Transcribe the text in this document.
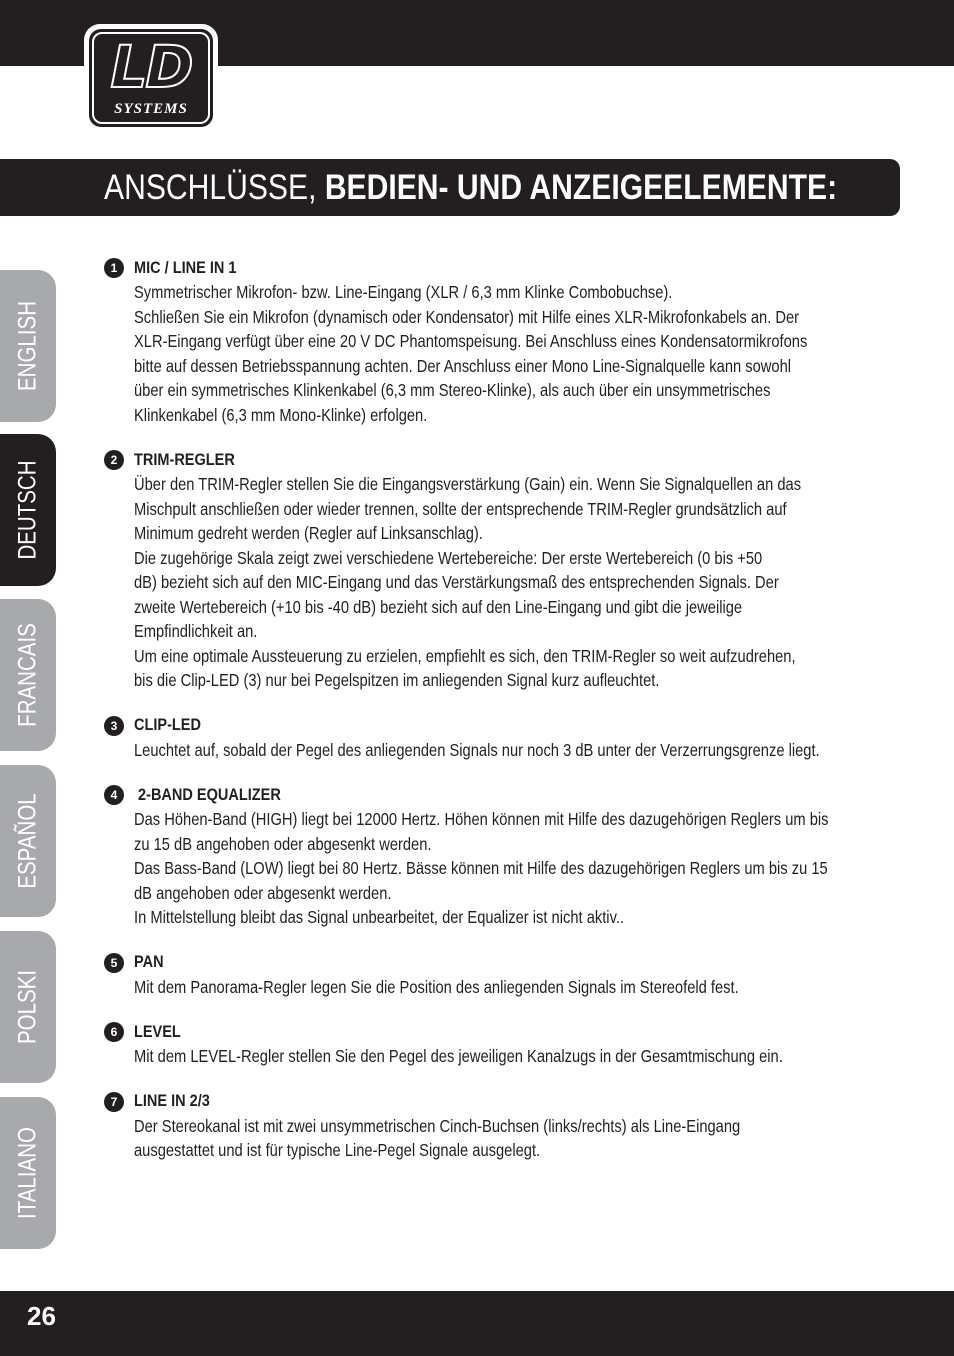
LD
SYSTEMS
ANSCHLÜSSE, BEDIEN- UND ANZEIGEELEMENTE:
ENGLISH
DEUTSCH
FRANCAIS
ESPAÑOL
POLSKI
ITALIANO
1	MIC / LINE IN 1
Symmetrischer Mikrofon- bzw. Line-Eingang (XLR / 6,3 mm Klinke Combobuchse).
Schließen Sie ein Mikrofon (dynamisch oder Kondensator) mit Hilfe eines XLR-Mikrofonkabels an. Der
XLR-Eingang verfügt über eine 20 V DC Phantomspeisung. Bei Anschluss eines Kondensatormikrofons
bitte auf dessen Betriebsspannung achten. Der Anschluss einer Mono Line-Signalquelle kann sowohl
über ein symmetrisches Klinkenkabel (6,3 mm Stereo-Klinke), als auch über ein unsymmetrisches
Klinkenkabel (6,3 mm Mono-Klinke) erfolgen.
2	TRIM-REGLER
Über den TRIM-Regler stellen Sie die Eingangsverstärkung (Gain) ein. Wenn Sie Signalquellen an das
Mischpult anschließen oder wieder trennen, sollte der entsprechende TRIM-Regler grundsätzlich auf
Minimum gedreht werden (Regler auf Linksanschlag).
Die zugehörige Skala zeigt zwei verschiedene Wertebereiche: Der erste Wertebereich (0 bis +50
dB) bezieht sich auf den MIC-Eingang und das Verstärkungsmaß des entsprechenden Signals. Der
zweite Wertebereich (+10 bis -40 dB) bezieht sich auf den Line-Eingang und gibt die jeweilige
Empfindlichkeit an.
Um eine optimale Aussteuerung zu erzielen, empfiehlt es sich, den TRIM-Regler so weit aufzudrehen,
bis die Clip-LED (3) nur bei Pegelspitzen im anliegenden Signal kurz aufleuchtet.
3	CLIP-LED
Leuchtet auf, sobald der Pegel des anliegenden Signals nur noch 3 dB unter der Verzerrungsgrenze liegt.
4	2-BAND EQUALIZER
Das Höhen-Band (HIGH) liegt bei 12000 Hertz. Höhen können mit Hilfe des dazugehörigen Reglers um bis
zu 15 dB angehoben oder abgesenkt werden.
Das Bass-Band (LOW) liegt bei 80 Hertz. Bässe können mit Hilfe des dazugehörigen Reglers um bis zu 15
dB angehoben oder abgesenkt werden.
In Mittelstellung bleibt das Signal unbearbeitet, der Equalizer ist nicht aktiv..
5	PAN
Mit dem Panorama-Regler legen Sie die Position des anliegenden Signals im Stereofeld fest.
6	LEVEL
Mit dem LEVEL-Regler stellen Sie den Pegel des jeweiligen Kanalzugs in der Gesamtmischung ein.
7	LINE IN 2/3
Der Stereokanal ist mit zwei unsymmetrischen Cinch-Buchsen (links/rechts) als Line-Eingang
ausgestattet und ist für typische Line-Pegel Signale ausgelegt.
26
